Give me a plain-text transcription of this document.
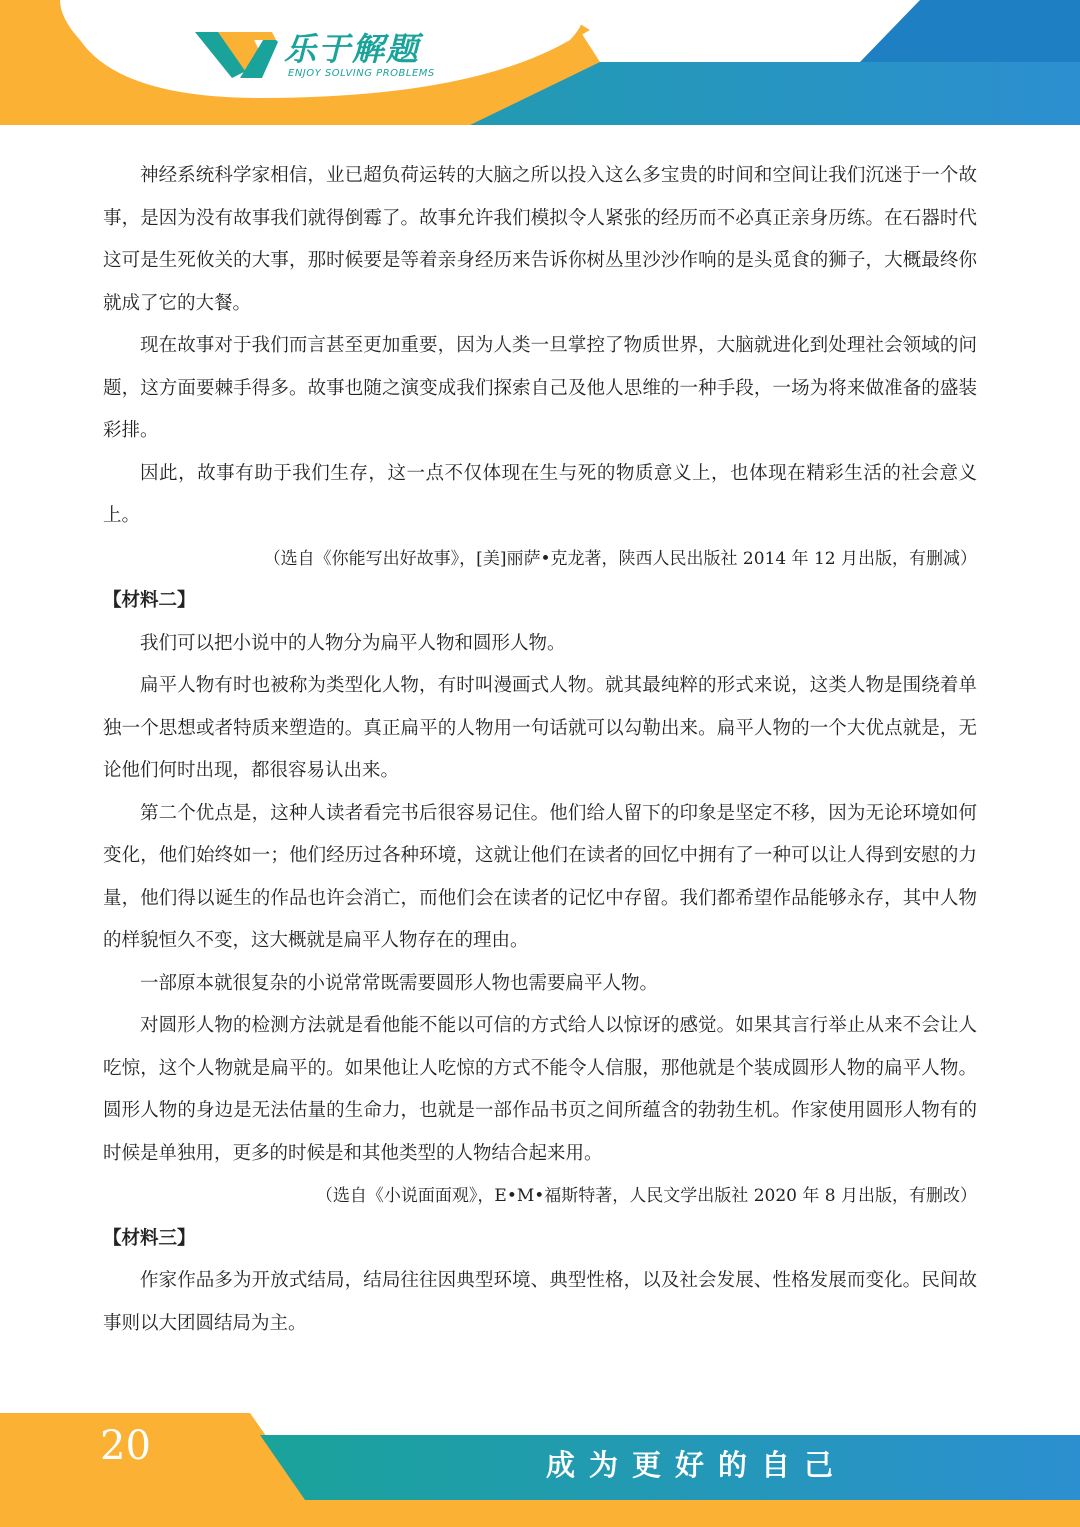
乐于解题
ENJOY SOLVING PROBLEMS

神经系统科学家相信，业已超负荷运转的大脑之所以投入这么多宝贵的时间和空间让我们沉迷于一个故事，是因为没有故事我们就得倒霉了。故事允许我们模拟令人紧张的经历而不必真正亲身历练。在石器时代这可是生死攸关的大事，那时候要是等着亲身经历来告诉你树丛里沙沙作响的是头觅食的狮子，大概最终你就成了它的大餐。

现在故事对于我们而言甚至更加重要，因为人类一旦掌控了物质世界，大脑就进化到处理社会领域的问题，这方面要棘手得多。故事也随之演变成我们探索自己及他人思维的一种手段，一场为将来做准备的盛装彩排。

因此，故事有助于我们生存，这一点不仅体现在生与死的物质意义上，也体现在精彩生活的社会意义上。

（选自《你能写出好故事》，[美]丽萨•克龙著，陕西人民出版社 2014 年 12 月出版，有删减）

【材料二】

我们可以把小说中的人物分为扁平人物和圆形人物。

扁平人物有时也被称为类型化人物，有时叫漫画式人物。就其最纯粹的形式来说，这类人物是围绕着单独一个思想或者特质来塑造的。真正扁平的人物用一句话就可以勾勒出来。扁平人物的一个大优点就是，无论他们何时出现，都很容易认出来。

第二个优点是，这种人读者看完书后很容易记住。他们给人留下的印象是坚定不移，因为无论环境如何变化，他们始终如一；他们经历过各种环境，这就让他们在读者的回忆中拥有了一种可以让人得到安慰的力量，他们得以诞生的作品也许会消亡，而他们会在读者的记忆中存留。我们都希望作品能够永存，其中人物的样貌恒久不变，这大概就是扁平人物存在的理由。

一部原本就很复杂的小说常常既需要圆形人物也需要扁平人物。

对圆形人物的检测方法就是看他能不能以可信的方式给人以惊讶的感觉。如果其言行举止从来不会让人吃惊，这个人物就是扁平的。如果他让人吃惊的方式不能令人信服，那他就是个装成圆形人物的扁平人物。圆形人物的身边是无法估量的生命力，也就是一部作品书页之间所蕴含的勃勃生机。作家使用圆形人物有的时候是单独用，更多的时候是和其他类型的人物结合起来用。

（选自《小说面面观》，E•M•福斯特著，人民文学出版社 2020 年 8 月出版，有删改）

【材料三】

作家作品多为开放式结局，结局往往因典型环境、典型性格，以及社会发展、性格发展而变化。民间故事则以大团圆结局为主。

20	成为更好的自己
